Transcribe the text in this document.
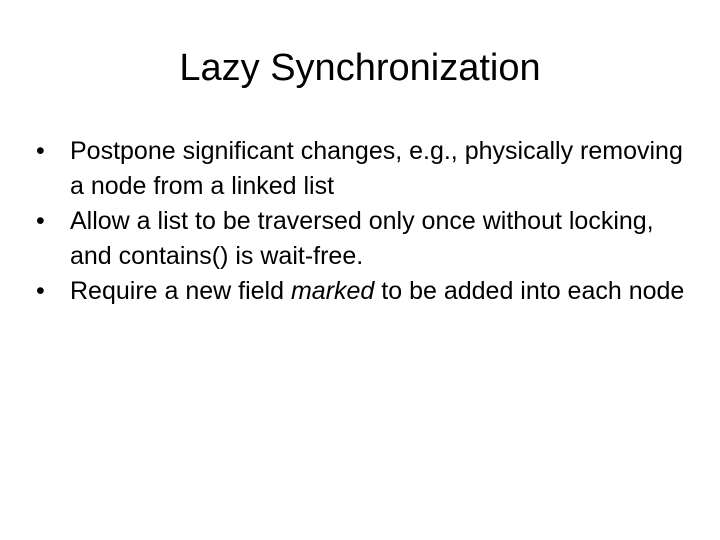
Lazy Synchronization
•	Postpone significant changes, e.g., physically removing a node from a linked list
•	Allow a list to be traversed only once without locking, and contains() is wait-free.
•	Require a new field marked to be added into each node
